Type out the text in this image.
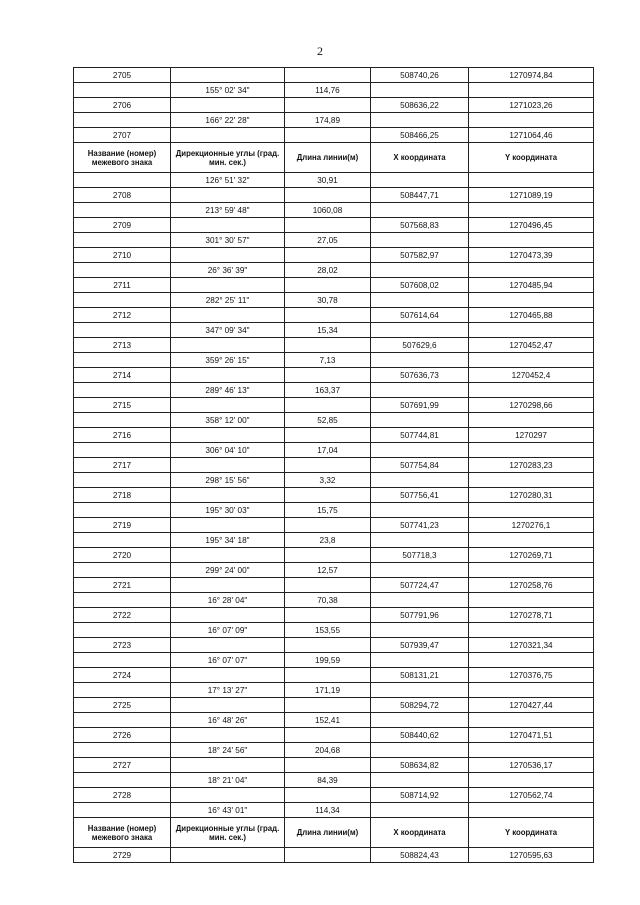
2
2705			508740,26	1270974,84
	155° 02' 34"	114,76		
2706			508636,22	1271023,26
	166° 22' 28"	174,89		
2707			508466,25	1271064,46
Название (номер) межевого знака	Дирекционные углы (град. мин. сек.)	Длина линии(м)	X координата	Y координата
	126° 51' 32"	30,91		
2708			508447,71	1271089,19
	213° 59' 48"	1060,08		
2709			507568,83	1270496,45
	301° 30' 57"	27,05		
2710			507582,97	1270473,39
	26° 36' 39"	28,02		
2711			507608,02	1270485,94
	282° 25' 11"	30,78		
2712			507614,64	1270465,88
	347° 09' 34"	15,34		
2713			507629,6	1270452,47
	359° 26' 15"	7,13		
2714			507636,73	1270452,4
	289° 46' 13"	163,37		
2715			507691,99	1270298,66
	358° 12' 00"	52,85		
2716			507744,81	1270297
	306° 04' 10"	17,04		
2717			507754,84	1270283,23
	298° 15' 56"	3,32		
2718			507756,41	1270280,31
	195° 30' 03"	15,75		
2719			507741,23	1270276,1
	195° 34' 18"	23,8		
2720			507718,3	1270269,71
	299° 24' 00"	12,57		
2721			507724,47	1270258,76
	16° 28' 04"	70,38		
2722			507791,96	1270278,71
	16° 07' 09"	153,55		
2723			507939,47	1270321,34
	16° 07' 07"	199,59		
2724			508131,21	1270376,75
	17° 13' 27"	171,19		
2725			508294,72	1270427,44
	16° 48' 26"	152,41		
2726			508440,62	1270471,51
	18° 24' 56"	204,68		
2727			508634,82	1270536,17
	18° 21' 04"	84,39		
2728			508714,92	1270562,74
	16° 43' 01"	114,34		
Название (номер) межевого знака	Дирекционные углы (град. мин. сек.)	Длина линии(м)	X координата	Y координата
2729			508824,43	1270595,63
